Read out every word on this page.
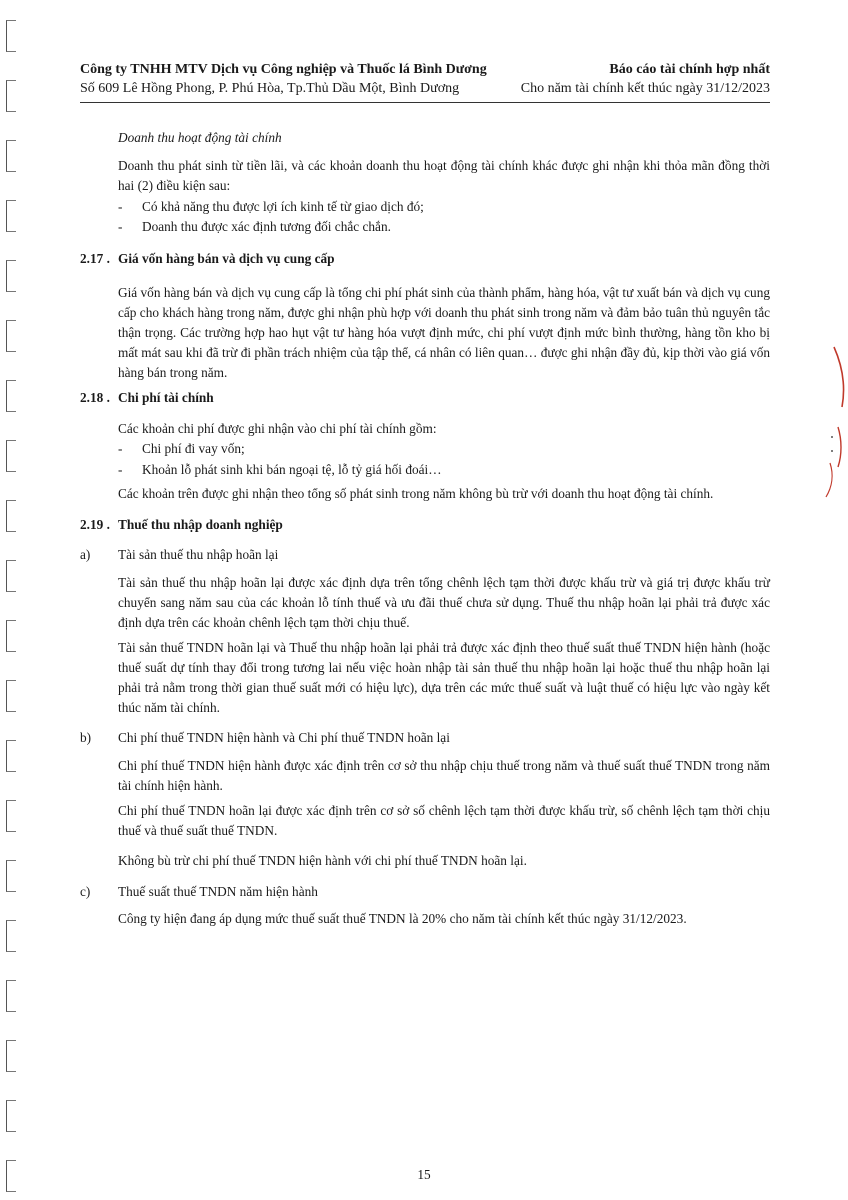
Công ty TNHH MTV Dịch vụ Công nghiệp và Thuốc lá Bình Dương
Số 609 Lê Hồng Phong, P. Phú Hòa, Tp.Thủ Dầu Một, Bình Dương
Báo cáo tài chính hợp nhất
Cho năm tài chính kết thúc ngày 31/12/2023
Doanh thu hoạt động tài chính
Doanh thu phát sinh từ tiền lãi, và các khoản doanh thu hoạt động tài chính khác được ghi nhận khi thỏa mãn đồng thời hai (2) điều kiện sau:
- Có khả năng thu được lợi ích kinh tế từ giao dịch đó;
- Doanh thu được xác định tương đối chắc chắn.
2.17 . Giá vốn hàng bán và dịch vụ cung cấp
Giá vốn hàng bán và dịch vụ cung cấp là tổng chi phí phát sinh của thành phẩm, hàng hóa, vật tư xuất bán và dịch vụ cung cấp cho khách hàng trong năm, được ghi nhận phù hợp với doanh thu phát sinh trong năm và đảm bảo tuân thủ nguyên tắc thận trọng. Các trường hợp hao hụt vật tư hàng hóa vượt định mức, chi phí vượt định mức bình thường, hàng tồn kho bị mất mát sau khi đã trừ đi phần trách nhiệm của tập thể, cá nhân có liên quan… được ghi nhận đầy đủ, kịp thời vào giá vốn hàng bán trong năm.
2.18 . Chi phí tài chính
Các khoản chi phí được ghi nhận vào chi phí tài chính gồm:
- Chi phí đi vay vốn;
- Khoản lỗ phát sinh khi bán ngoại tệ, lỗ tỷ giá hối đoái…
Các khoản trên được ghi nhận theo tổng số phát sinh trong năm không bù trừ với doanh thu hoạt động tài chính.
2.19 . Thuế thu nhập doanh nghiệp
a) Tài sản thuế thu nhập hoãn lại
Tài sản thuế thu nhập hoãn lại được xác định dựa trên tổng chênh lệch tạm thời được khấu trừ và giá trị được khấu trừ chuyển sang năm sau của các khoản lỗ tính thuế và ưu đãi thuế chưa sử dụng. Thuế thu nhập hoãn lại phải trả được xác định dựa trên các khoản chênh lệch tạm thời chịu thuế.
Tài sản thuế TNDN hoãn lại và Thuế thu nhập hoãn lại phải trả được xác định theo thuế suất thuế TNDN hiện hành (hoặc thuế suất dự tính thay đổi trong tương lai nếu việc hoàn nhập tài sản thuế thu nhập hoãn lại hoặc thuế thu nhập hoãn lại phải trả nằm trong thời gian thuế suất mới có hiệu lực), dựa trên các mức thuế suất và luật thuế có hiệu lực vào ngày kết thúc năm tài chính.
b) Chi phí thuế TNDN hiện hành và Chi phí thuế TNDN hoãn lại
Chi phí thuế TNDN hiện hành được xác định trên cơ sở thu nhập chịu thuế trong năm và thuế suất thuế TNDN trong năm tài chính hiện hành.
Chi phí thuế TNDN hoãn lại được xác định trên cơ sở số chênh lệch tạm thời được khấu trừ, số chênh lệch tạm thời chịu thuế và thuế suất thuế TNDN.
Không bù trừ chi phí thuế TNDN hiện hành với chi phí thuế TNDN hoãn lại.
c) Thuế suất thuế TNDN năm hiện hành
Công ty hiện đang áp dụng mức thuế suất thuế TNDN là 20% cho năm tài chính kết thúc ngày 31/12/2023.
15
